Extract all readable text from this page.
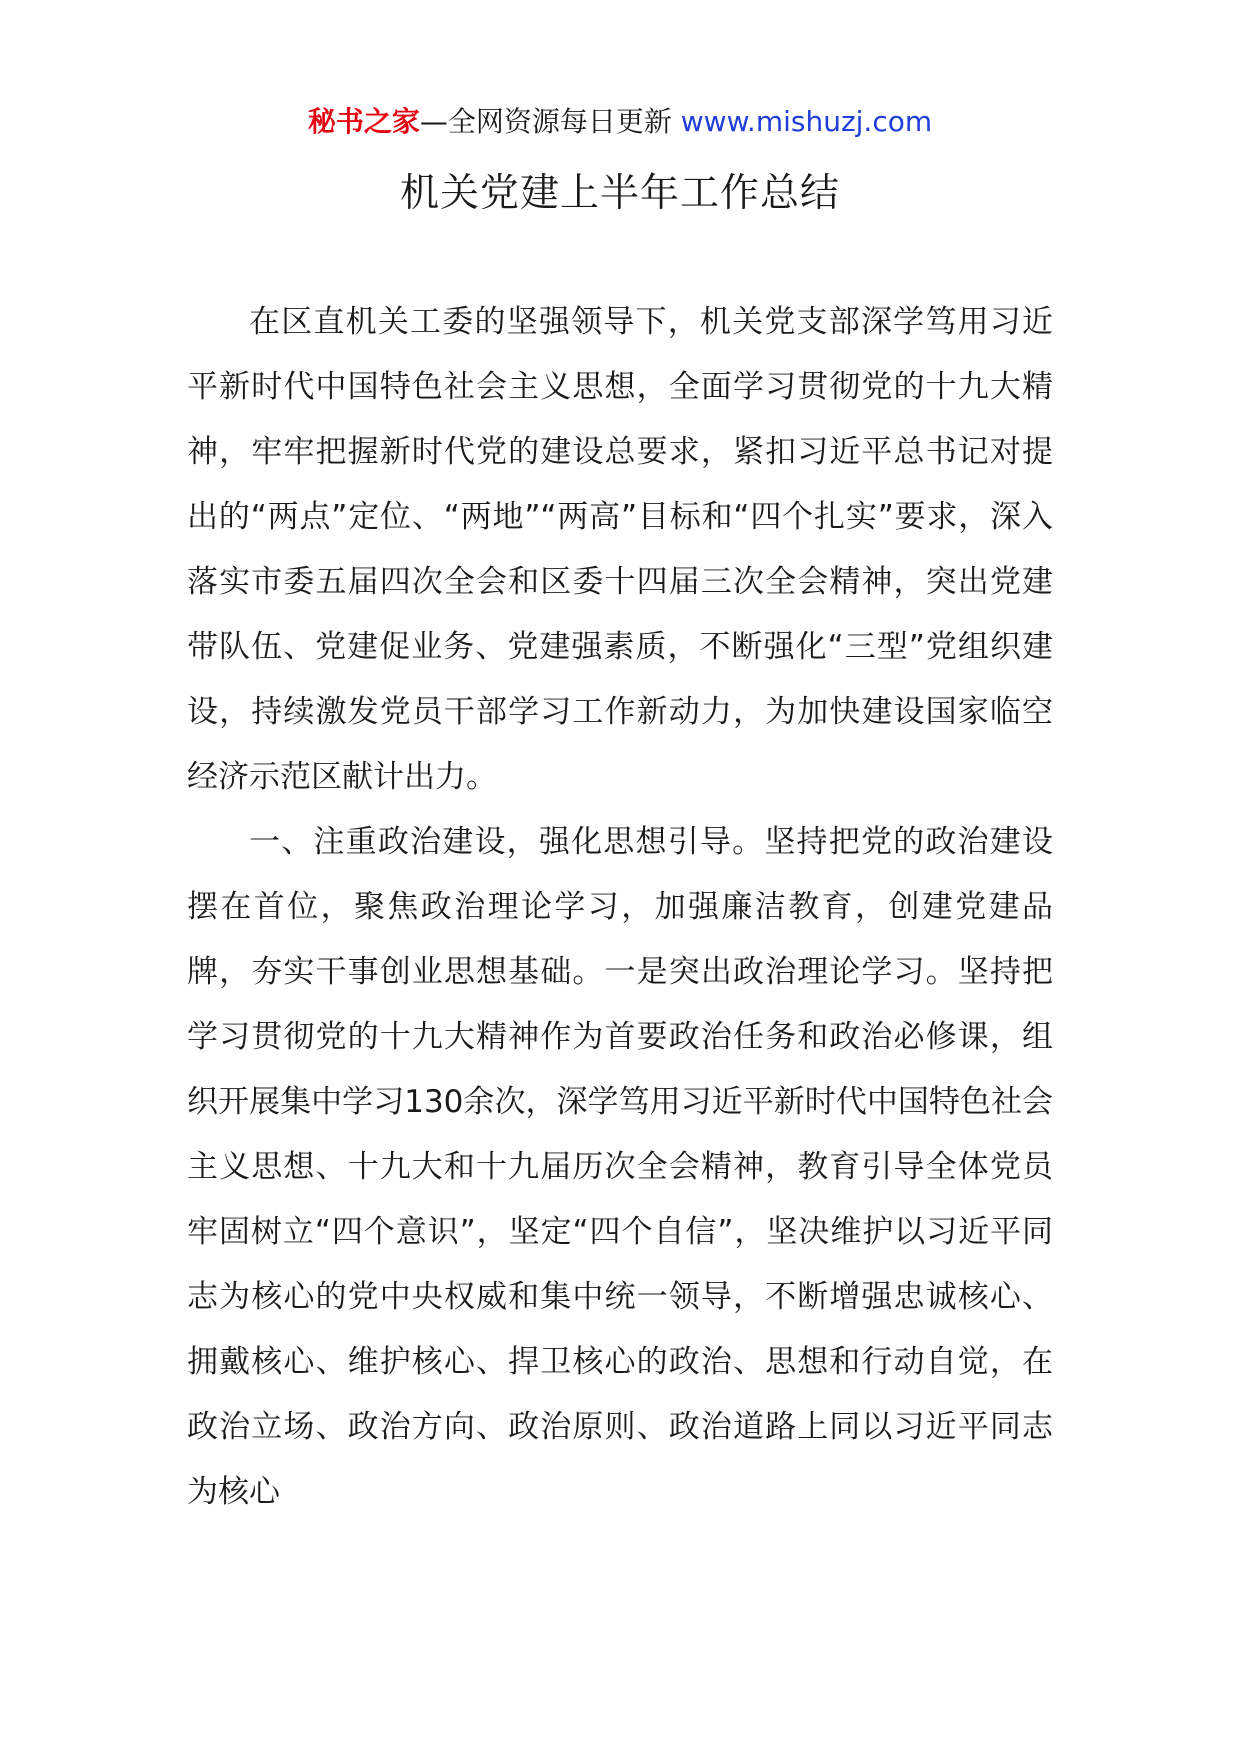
秘书之家—全网资源每日更新 www.mishuzj.com
机关党建上半年工作总结

在区直机关工委的坚强领导下，机关党支部深学笃用习近平新时代中国特色社会主义思想，全面学习贯彻党的十九大精神，牢牢把握新时代党的建设总要求，紧扣习近平总书记对提出的“两点”定位、“两地”“两高”目标和“四个扎实”要求，深入落实市委五届四次全会和区委十四届三次全会精神，突出党建带队伍、党建促业务、党建强素质，不断强化“三型”党组织建设，持续激发党员干部学习工作新动力，为加快建设国家临空经济示范区献计出力。

一、注重政治建设，强化思想引导。坚持把党的政治建设摆在首位，聚焦政治理论学习，加强廉洁教育，创建党建品牌，夯实干事创业思想基础。一是突出政治理论学习。坚持把学习贯彻党的十九大精神作为首要政治任务和政治必修课，组织开展集中学习130余次，深学笃用习近平新时代中国特色社会主义思想、十九大和十九届历次全会精神，教育引导全体党员牢固树立“四个意识”，坚定“四个自信”，坚决维护以习近平同志为核心的党中央权威和集中统一领导，不断增强忠诚核心、拥戴核心、维护核心、捍卫核心的政治、思想和行动自觉，在政治立场、政治方向、政治原则、政治道路上同以习近平同志为核心
